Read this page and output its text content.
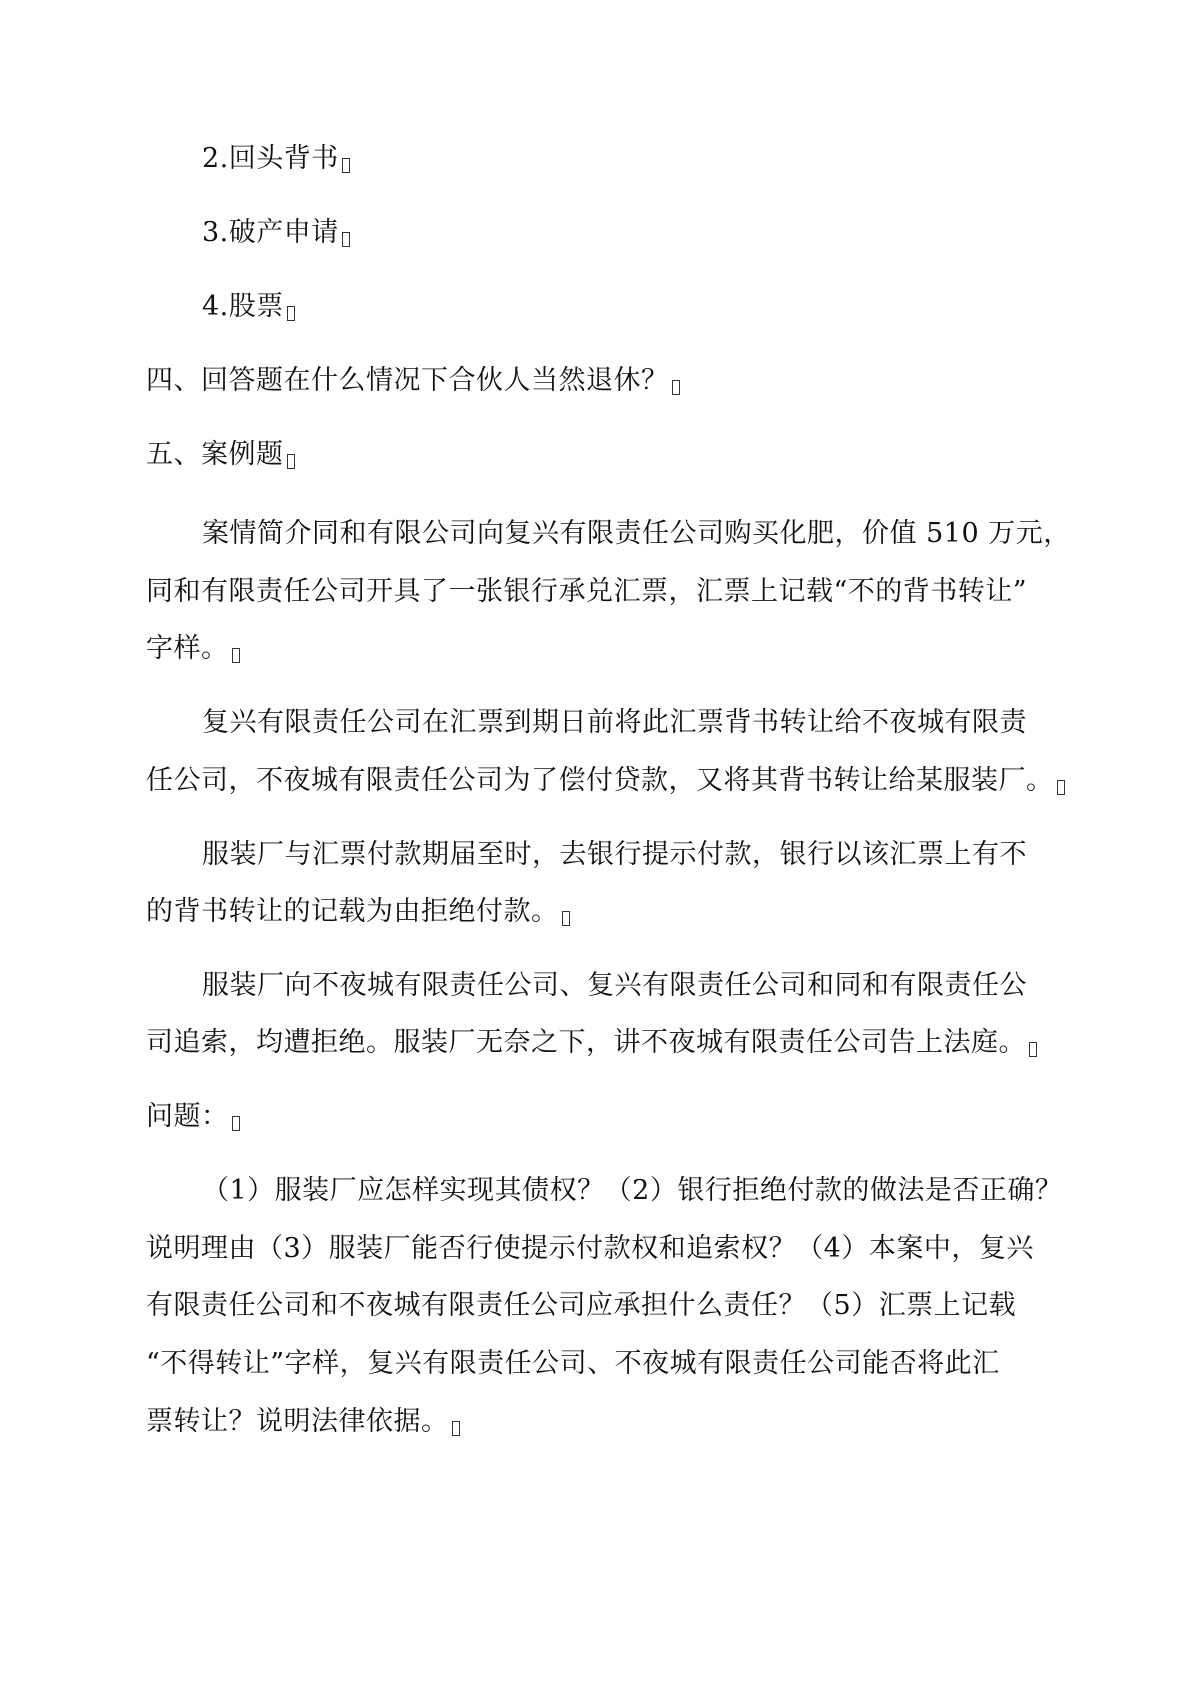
2.回头背书
3.破产申请
4.股票
四、回答题在什么情况下合伙人当然退休？
五、案例题
案情简介同和有限公司向复兴有限责任公司购买化肥，价值 510 万元，
同和有限责任公司开具了一张银行承兑汇票，汇票上记载“不的背书转让”
字样。
复兴有限责任公司在汇票到期日前将此汇票背书转让给不夜城有限责
任公司，不夜城有限责任公司为了偿付贷款，又将其背书转让给某服装厂。
服装厂与汇票付款期届至时，去银行提示付款，银行以该汇票上有不
的背书转让的记载为由拒绝付款。
服装厂向不夜城有限责任公司、复兴有限责任公司和同和有限责任公
司追索，均遭拒绝。服装厂无奈之下，讲不夜城有限责任公司告上法庭。
问题：
（1）服装厂应怎样实现其债权？（2）银行拒绝付款的做法是否正确？
说明理由（3）服装厂能否行使提示付款权和追索权？（4）本案中，复兴
有限责任公司和不夜城有限责任公司应承担什么责任？（5）汇票上记载
“不得转让”字样，复兴有限责任公司、不夜城有限责任公司能否将此汇
票转让？说明法律依据。
